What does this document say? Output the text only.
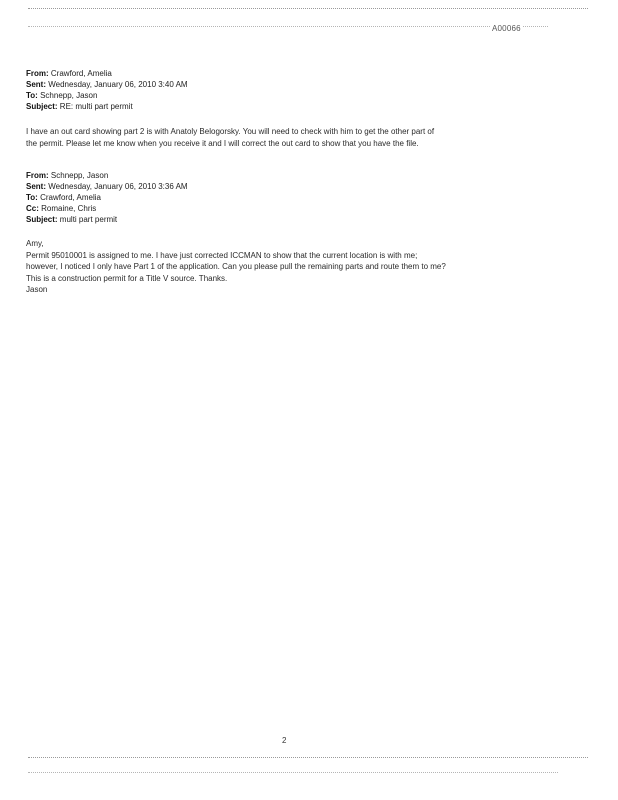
A00066
From: Crawford, Amelia
Sent: Wednesday, January 06, 2010 3:40 AM
To: Schnepp, Jason
Subject: RE: multi part permit
I have an out card showing part 2 is with Anatoly Belogorsky. You will need to check with him to get the other part of
the permit. Please let me know when you receive it and I will correct the out card to show that you have the file.
From: Schnepp, Jason
Sent: Wednesday, January 06, 2010 3:36 AM
To: Crawford, Amelia
Cc: Romaine, Chris
Subject: multi part permit
Amy,
Permit 95010001 is assigned to me. I have just corrected ICCMAN to show that the current location is with me;
however, I noticed I only have Part 1 of the application. Can you please pull the remaining parts and route them to me?
This is a construction permit for a Title V source. Thanks.
Jason
2
